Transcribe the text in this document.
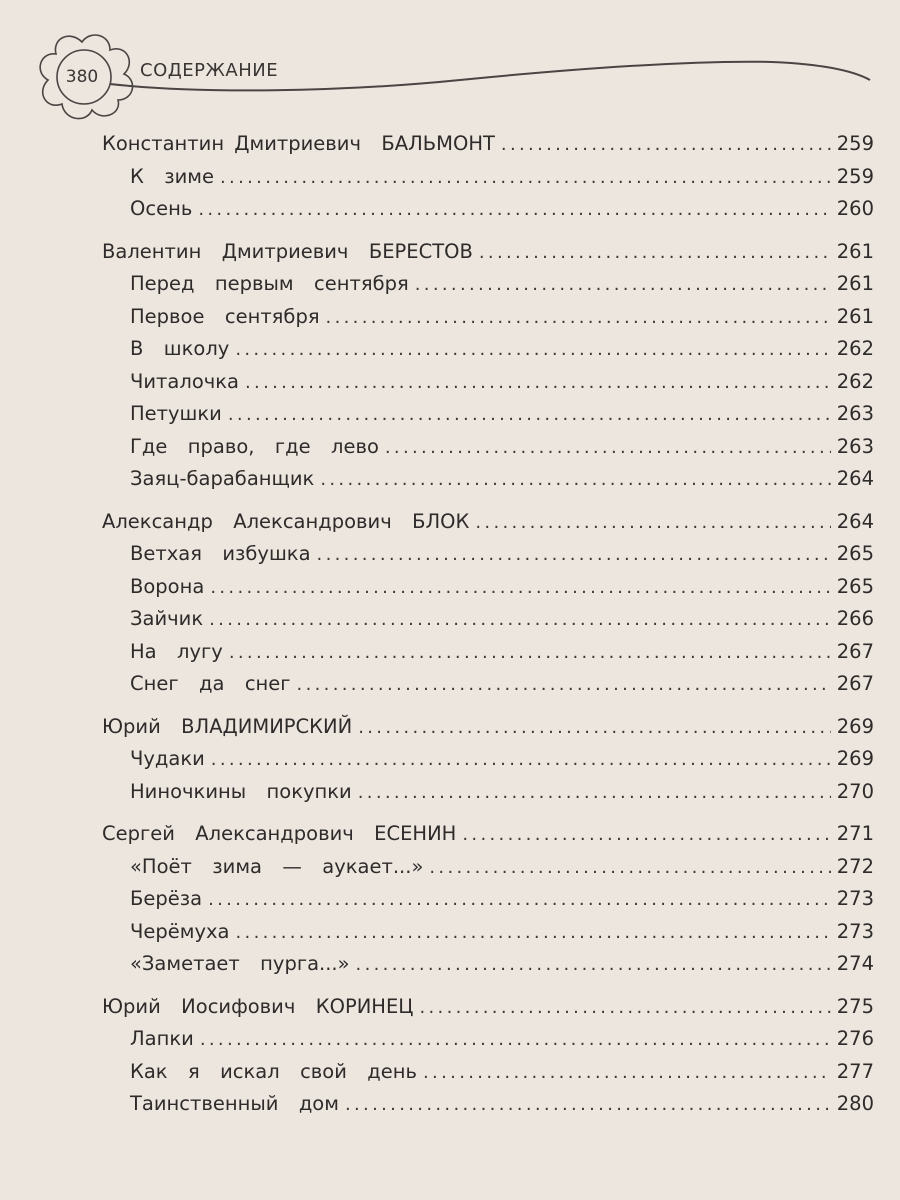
380	СОДЕРЖАНИЕ
Константин Дмитриевич  БАЛЬМОНТ . . .	259
К  зиме . . .	259
Осень . . .	260
Валентин  Дмитриевич  БЕРЕСТОВ . . .	261
Перед  первым  сентября . . .	261
Первое  сентября . . .	261
В  школу . . .	262
Читалочка . . .	262
Петушки . . .	263
Где  право,  где  лево . . .	263
Заяц-барабанщик . . .	264
Александр  Александрович  БЛОК . . .	264
Ветхая  избушка . . .	265
Ворона . . .	265
Зайчик . . .	266
На  лугу . . .	267
Снег  да  снег . . .	267
Юрий  ВЛАДИМИРСКИЙ . . .	269
Чудаки . . .	269
Ниночкины  покупки . . .	270
Сергей  Александрович  ЕСЕНИН . . .	271
«Поёт  зима  —  аукает...» . . .	272
Берёза . . .	273
Черёмуха . . .	273
«Заметает  пурга...» . . .	274
Юрий  Иосифович  КОРИНЕЦ . . .	275
Лапки . . .	276
Как  я  искал  свой  день . . .	277
Таинственный  дом . . .	280
